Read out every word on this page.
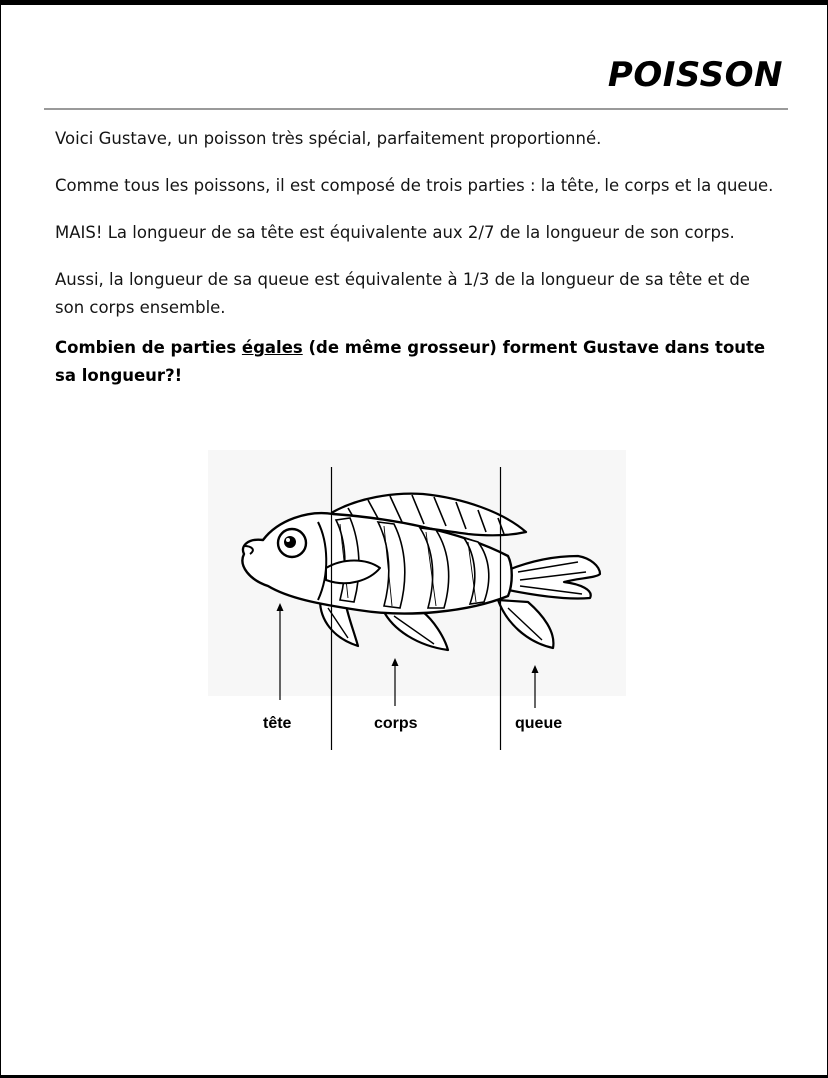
POISSON

Voici Gustave, un poisson très spécial, parfaitement proportionné.

Comme tous les poissons, il est composé de trois parties : la tête, le corps et la queue.

MAIS! La longueur de sa tête est équivalente aux 2/7 de la longueur de son corps.

Aussi, la longueur de sa queue est équivalente à 1/3 de la longueur de sa tête et de son corps ensemble.

Combien de parties égales (de même grosseur) forment Gustave dans toute sa longueur?!

tête	corps	queue
